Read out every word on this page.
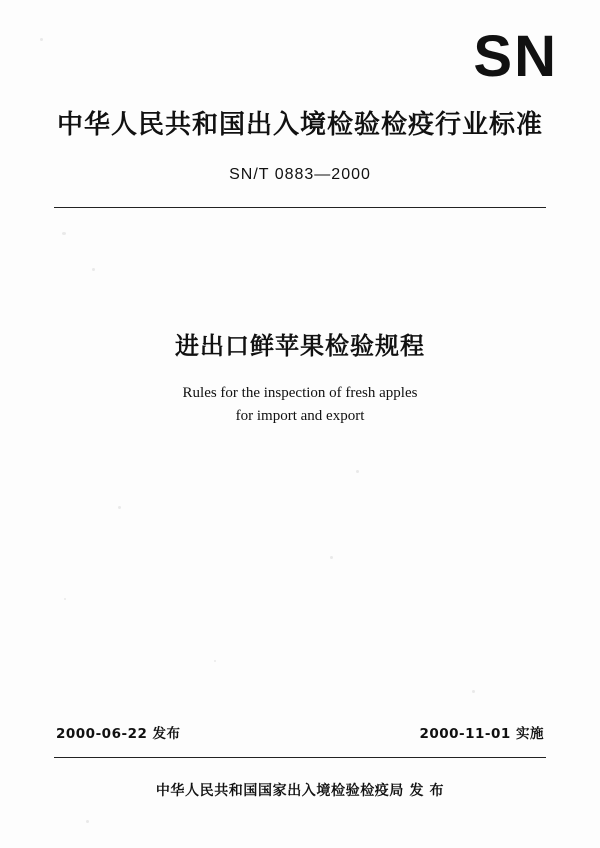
SN
中华人民共和国出入境检验检疫行业标准
SN/T 0883—2000
进出口鲜苹果检验规程
Rules for the inspection of fresh apples
for import and export
2000-06-22 发布	2000-11-01 实施
中华人民共和国国家出入境检验检疫局 发 布
